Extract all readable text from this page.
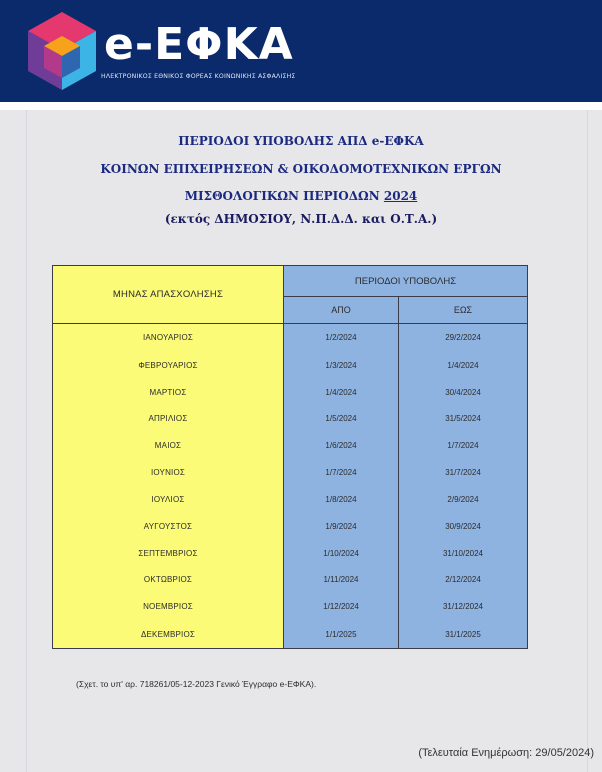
e-ΕΦΚΑ
ΗΛΕΚΤΡΟΝΙΚΟΣ ΕΘΝΙΚΟΣ ΦΟΡΕΑΣ ΚΟΙΝΩΝΙΚΗΣ ΑΣΦΑΛΙΣΗΣ
ΠΕΡΙΟΔΟΙ ΥΠΟΒΟΛΗΣ ΑΠΔ e-ΕΦΚΑ
ΚΟΙΝΩΝ ΕΠΙΧΕΙΡΗΣΕΩΝ & ΟΙΚΟΔΟΜΟΤΕΧΝΙΚΩΝ ΕΡΓΩΝ
ΜΙΣΘΟΛΟΓΙΚΩΝ ΠΕΡΙΟΔΩΝ 2024
(εκτός ΔΗΜΟΣΙΟΥ, Ν.Π.Δ.Δ. και Ο.Τ.Α.)
ΜΗΝΑΣ ΑΠΑΣΧΟΛΗΣΗΣ	ΠΕΡΙΟΔΟΙ ΥΠΟΒΟΛΗΣ	
	ΑΠΟ	ΕΩΣ
ΙΑΝΟΥΑΡΙΟΣ	1/2/2024	29/2/2024
ΦΕΒΡΟΥΑΡΙΟΣ	1/3/2024	1/4/2024
ΜΑΡΤΙΟΣ	1/4/2024	30/4/2024
ΑΠΡΙΛΙΟΣ	1/5/2024	31/5/2024
ΜΑΙΟΣ	1/6/2024	1/7/2024
ΙΟΥΝΙΟΣ	1/7/2024	31/7/2024
ΙΟΥΛΙΟΣ	1/8/2024	2/9/2024
ΑΥΓΟΥΣΤΟΣ	1/9/2024	30/9/2024
ΣΕΠΤΕΜΒΡΙΟΣ	1/10/2024	31/10/2024
ΟΚΤΩΒΡΙΟΣ	1/11/2024	2/12/2024
ΝΟΕΜΒΡΙΟΣ	1/12/2024	31/12/2024
ΔΕΚΕΜΒΡΙΟΣ	1/1/2025	31/1/2025
(Σχετ. το υπ' αρ. 718261/05-12-2023 Γενικό Έγγραφο e-ΕΦΚΑ).
(Τελευταία Ενημέρωση: 29/05/2024)
